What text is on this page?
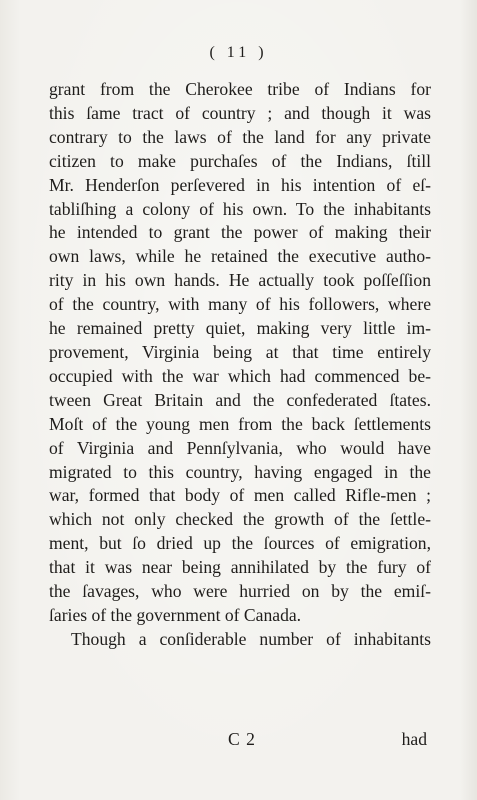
( 11 )
grant from the Cherokee tribe of Indians for
this ſame tract of country ; and though it was
contrary to the laws of the land for any private
citizen to make purchaſes of the Indians, ſtill
Mr. Henderſon perſevered in his intention of eſ-
tabliſhing a colony of his own. To the inhabitants
he intended to grant the power of making their
own laws, while he retained the executive autho-
rity in his own hands. He actually took poſſeſſion
of the country, with many of his followers, where
he remained pretty quiet, making very little im-
provement, Virginia being at that time entirely
occupied with the war which had commenced be-
tween Great Britain and the confederated ſtates.
Moſt of the young men from the back ſettlements
of Virginia and Pennſylvania, who would have
migrated to this country, having engaged in the
war, formed that body of men called Rifle-men ;
which not only checked the growth of the ſettle-
ment, but ſo dried up the ſources of emigration,
that it was near being annihilated by the fury of
the ſavages, who were hurried on by the emiſ-
ſaries of the government of Canada.
Though a conſiderable number of inhabitants
C 2	had
